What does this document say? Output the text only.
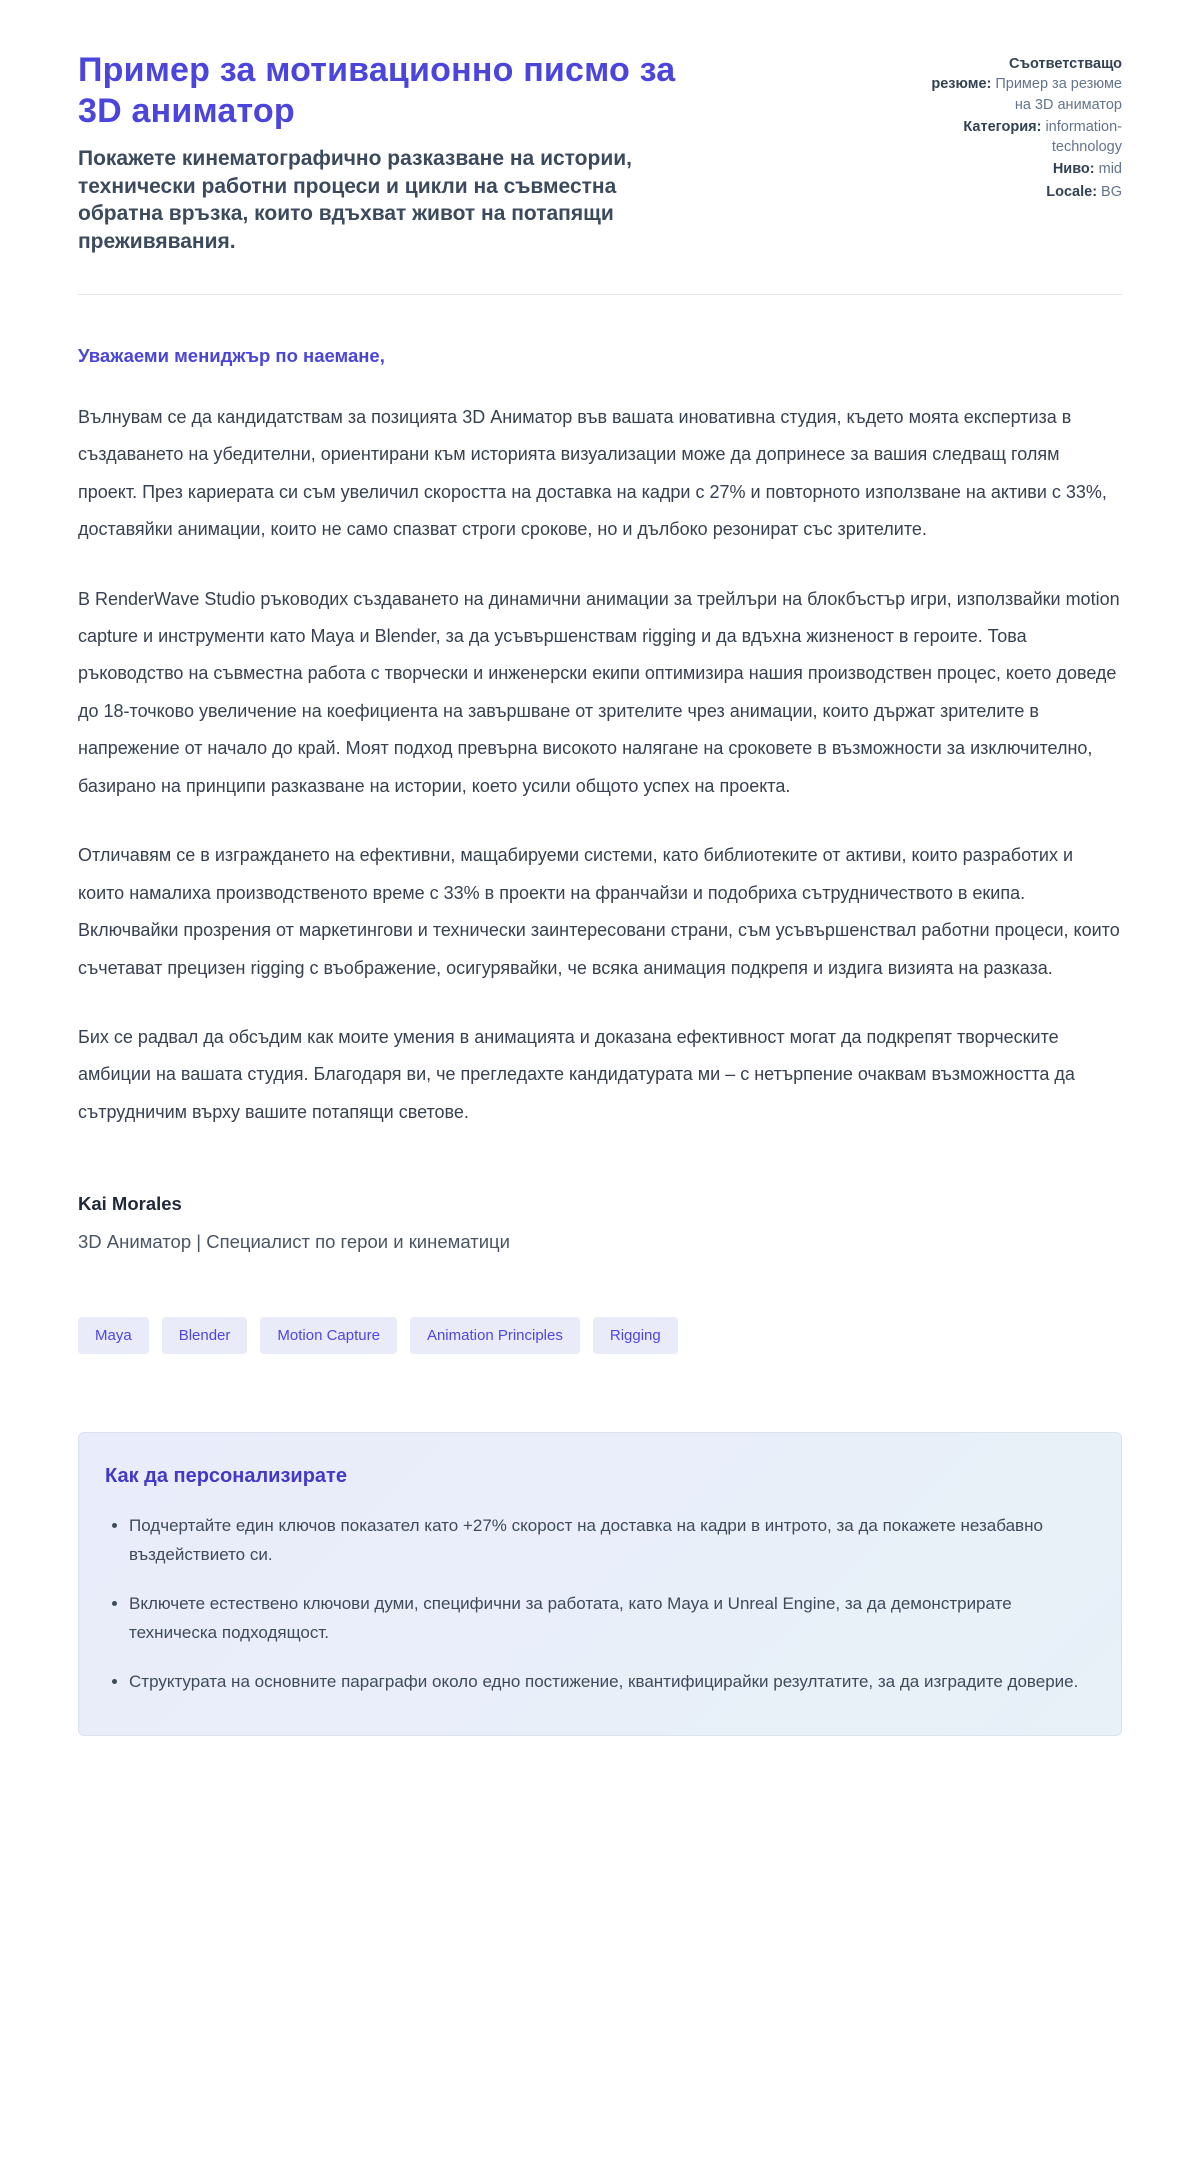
Пример за мотивационно писмо за 3D аниматор
Покажете кинематографично разказване на истории, технически работни процеси и цикли на съвместна обратна връзка, които вдъхват живот на потапящи преживявания.
Съответстващо резюме: Пример за резюме на 3D аниматор
Категория: information-technology
Ниво: mid
Locale: BG
Уважаеми мениджър по наемане,

Вълнувам се да кандидатствам за позицията 3D Аниматор във вашата иновативна студия, където моята експертиза в създаването на убедителни, ориентирани към историята визуализации може да допринесе за вашия следващ голям проект. През кариерата си съм увеличил скоростта на доставка на кадри с 27% и повторното използване на активи с 33%, доставяйки анимации, които не само спазват строги срокове, но и дълбоко резонират със зрителите.

В RenderWave Studio ръководих създаването на динамични анимации за трейлъри на блокбъстър игри, използвайки motion capture и инструменти като Maya и Blender, за да усъвършенствам rigging и да вдъхна жизненост в героите. Това ръководство на съвместна работа с творчески и инженерски екипи оптимизира нашия производствен процес, което доведе до 18-точково увеличение на коефициента на завършване от зрителите чрез анимации, които държат зрителите в напрежение от начало до край. Моят подход превърна високото налягане на сроковете в възможности за изключително, базирано на принципи разказване на истории, което усили общото успех на проекта.

Отличавям се в изграждането на ефективни, мащабируеми системи, като библиотеките от активи, които разработих и които намалиха производственото време с 33% в проекти на франчайзи и подобриха сътрудничеството в екипа. Включвайки прозрения от маркетингови и технически заинтересовани страни, съм усъвършенствал работни процеси, които съчетават прецизен rigging с въображение, осигурявайки, че всяка анимация подкрепя и издига визията на разказа.

Бих се радвал да обсъдим как моите умения в анимацията и доказана ефективност могат да подкрепят творческите амбиции на вашата студия. Благодаря ви, че прегледахте кандидатурата ми – с нетърпение очаквам възможността да сътрудничим върху вашите потапящи светове.

Kai Morales
3D Аниматор | Специалист по герои и кинематици
Maya	Blender	Motion Capture	Animation Principles	Rigging
Как да персонализирате
• Подчертайте един ключов показател като +27% скорост на доставка на кадри в интрото, за да покажете незабавно въздействието си.
• Включете естествено ключови думи, специфични за работата, като Maya и Unreal Engine, за да демонстрирате техническа подходящост.
• Структурата на основните параграфи около едно постижение, квантифицирайки резултатите, за да изградите доверие.
